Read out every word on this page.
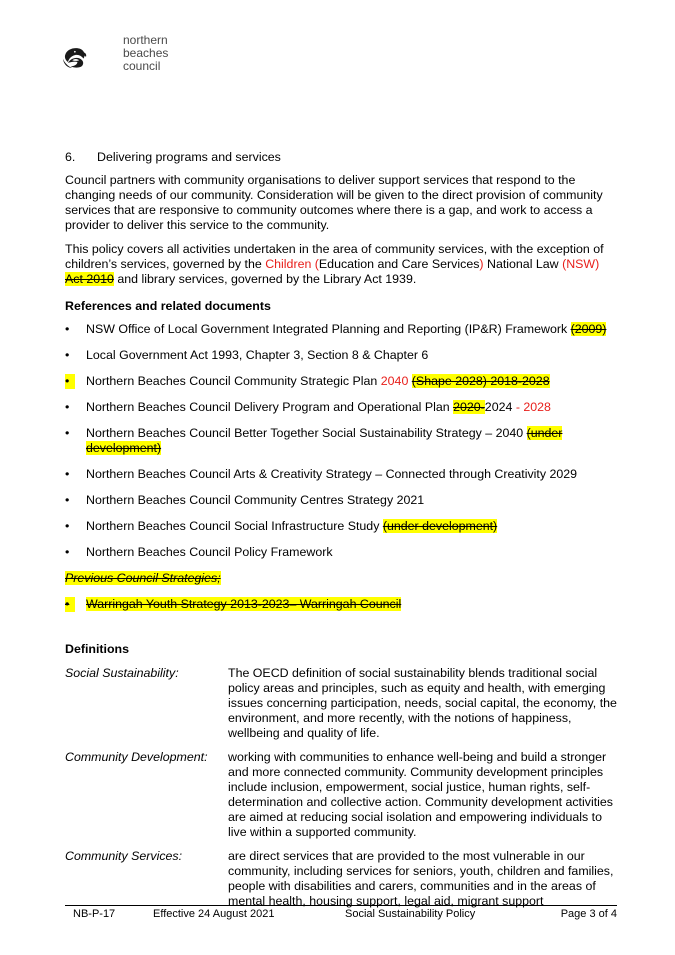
northern
beaches
council

6. Delivering programs and services

Council partners with community organisations to deliver support services that respond to the changing needs of our community. Consideration will be given to the direct provision of community services that are responsive to community outcomes where there is a gap, and work to access a provider to deliver this service to the community.

This policy covers all activities undertaken in the area of community services, with the exception of children’s services, governed by the Children (Education and Care Services) National Law (NSW) Act 2010 and library services, governed by the Library Act 1939.

References and related documents

•	NSW Office of Local Government Integrated Planning and Reporting (IP&R) Framework (2009)
•	Local Government Act 1993, Chapter 3, Section 8 & Chapter 6
•	Northern Beaches Council Community Strategic Plan 2040 (Shape 2028) 2018-2028
•	Northern Beaches Council Delivery Program and Operational Plan 2020-2024 - 2028
•	Northern Beaches Council Better Together Social Sustainability Strategy – 2040 (under development)
•	Northern Beaches Council Arts & Creativity Strategy – Connected through Creativity 2029
•	Northern Beaches Council Community Centres Strategy 2021
•	Northern Beaches Council Social Infrastructure Study (under development)
•	Northern Beaches Council Policy Framework

Previous Council Strategies;

•	Warringah Youth Strategy 2013-2023– Warringah Council

Definitions

Social Sustainability:	The OECD definition of social sustainability blends traditional social policy areas and principles, such as equity and health, with emerging issues concerning participation, needs, social capital, the economy, the environment, and more recently, with the notions of happiness, wellbeing and quality of life.
Community Development:	working with communities to enhance well-being and build a stronger and more connected community. Community development principles include inclusion, empowerment, social justice, human rights, self-determination and collective action. Community development activities are aimed at reducing social isolation and empowering individuals to live within a supported community.
Community Services:	are direct services that are provided to the most vulnerable in our community, including services for seniors, youth, children and families, people with disabilities and carers, communities and in the areas of mental health, housing support, legal aid, migrant support
NB-P-17	Effective 24 August 2021	Social Sustainability Policy	Page 3 of 4
